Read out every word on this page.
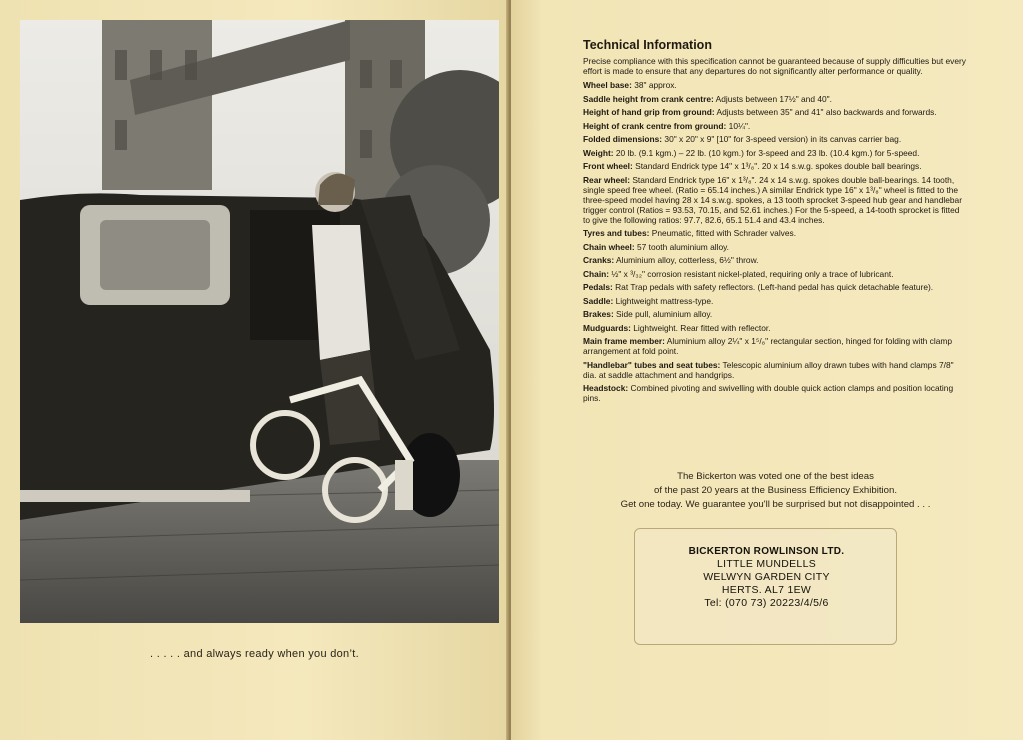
. . . . . and always ready when you don’t.
Technical Information

Precise compliance with this specification cannot be guaranteed because of supply difficulties but every effort is made to ensure that any departures do not significantly alter performance or quality.

Wheel base: 38" approx.

Saddle height from crank centre: Adjusts between 17½" and 40".

Height of hand grip from ground: Adjusts between 35" and 41" also backwards and forwards.

Height of crank centre from ground: 10¼".

Folded dimensions: 30" x 20" x 9" [10" for 3-speed version) in its canvas carrier bag.

Weight: 20 lb. (9.1 kgm.) – 22 lb. (10 kgm.) for 3-speed and 23 lb. (10.4 kgm.) for 5-speed.

Front wheel: Standard Endrick type 14" x 1³/₈". 20 x 14 s.w.g. spokes double ball bearings.

Rear wheel: Standard Endrick type 16" x 1³/₈". 24 x 14 s.w.g. spokes double ball-bearings. 14 tooth, single speed free wheel. (Ratio = 65.14 inches.) A similar Endrick type 16" x 1³/₈" wheel is fitted to the three-speed model having 28 x 14 s.w.g. spokes, a 13 tooth sprocket 3-speed hub gear and handlebar trigger control (Ratios = 93.53, 70.15, and 52.61 inches.) For the 5-speed, a 14-tooth sprocket is fitted to give the following ratios: 97.7, 82.6, 65.1 51.4 and 43.4 inches.

Tyres and tubes: Pneumatic, fitted with Schrader valves.

Chain wheel: 57 tooth aluminium alloy.

Cranks: Aluminium alloy, cotterless, 6½" throw.

Chain: ½" x ³/₃₂" corrosion resistant nickel-plated, requiring only a trace of lubricant.

Pedals: Rat Trap pedals with safety reflectors. (Left-hand pedal has quick detachable feature).

Saddle: Lightweight mattress-type.

Brakes: Side pull, aluminium alloy.

Mudguards: Lightweight. Rear fitted with reflector.

Main frame member: Aluminium alloy 2¼" x 1⁵/₈" rectangular section, hinged for folding with clamp arrangement at fold point.

"Handlebar" tubes and seat tubes: Telescopic aluminium alloy drawn tubes with hand clamps 7/8" dia. at saddle attachment and handgrips.

Headstock: Combined pivoting and swivelling with double quick action clamps and position locating pins.

The Bickerton was voted one of the best ideas
of the past 20 years at the Business Efficiency Exhibition.
Get one today. We guarantee you'll be surprised but not disappointed . . .
BICKERTON ROWLINSON LTD.
LITTLE MUNDELLS
WELWYN GARDEN CITY
HERTS. AL7 1EW
Tel: (070 73) 20223/4/5/6
